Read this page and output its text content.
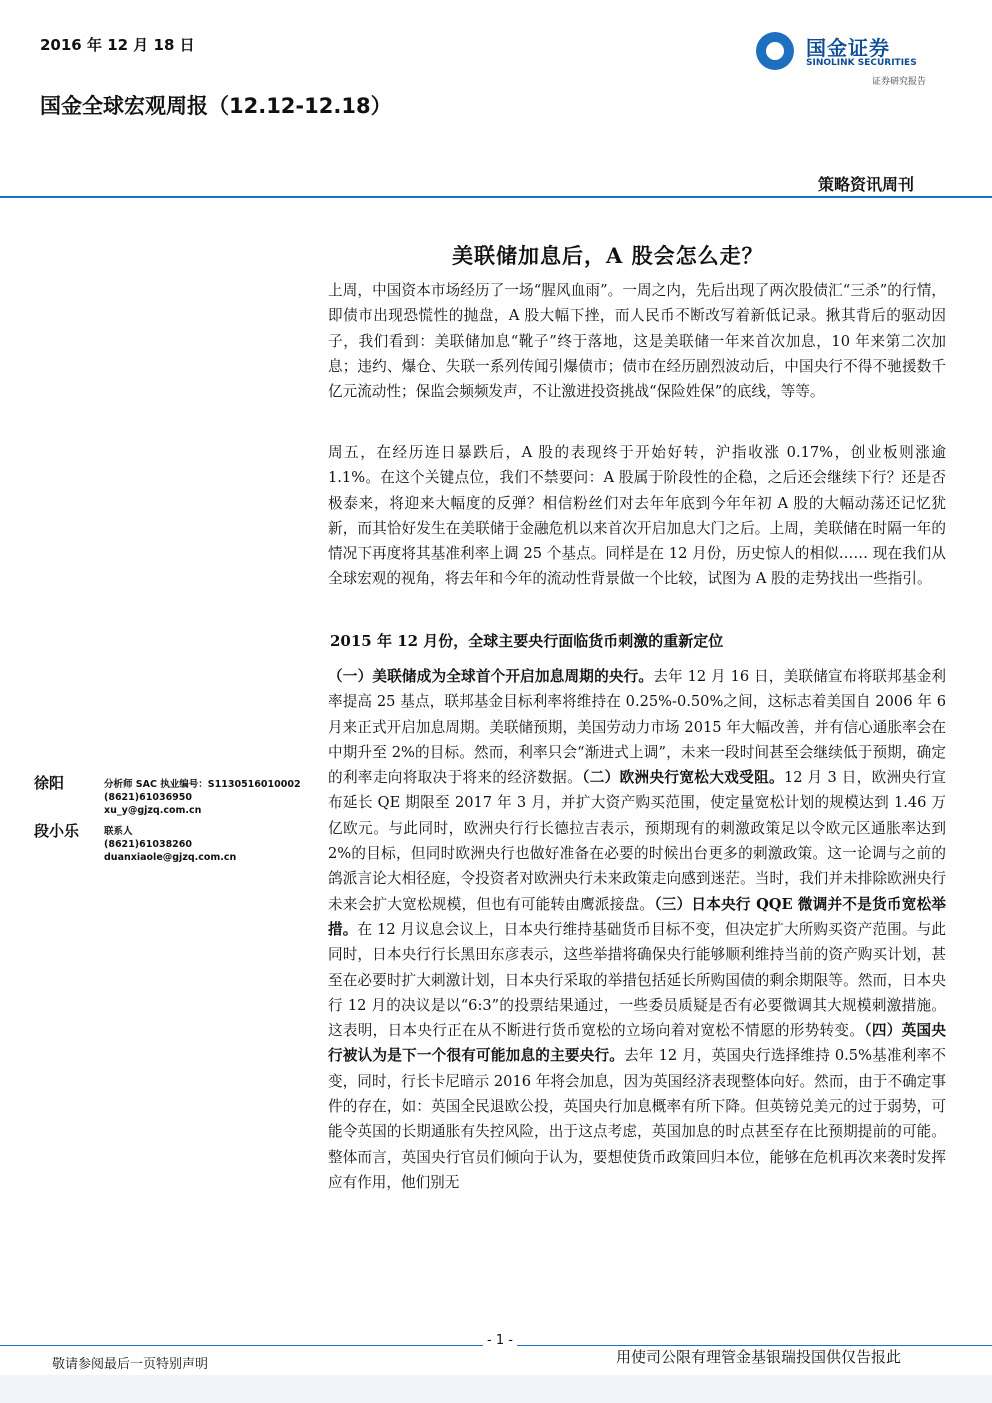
2016 年 12 月 18 日
国金全球宏观周报（12.12-12.18）
国金证券
SINOLINK SECURITIES
证券研究报告
策略资讯周刊
美联储加息后，A 股会怎么走？
上周，中国资本市场经历了一场“腥风血雨”。一周之内，先后出现了两次股债汇“三杀”的行情，即债市出现恐慌性的抛盘，A 股大幅下挫，而人民币不断改写着新低记录。揪其背后的驱动因子，我们看到：美联储加息“靴子”终于落地，这是美联储一年来首次加息，10 年来第二次加息；违约、爆仓、失联一系列传闻引爆债市；债市在经历剧烈波动后，中国央行不得不驰援数千亿元流动性；保监会频频发声，不让激进投资挑战“保险姓保”的底线，等等。
周五，在经历连日暴跌后，A 股的表现终于开始好转，沪指收涨 0.17%，创业板则涨逾 1.1%。在这个关键点位，我们不禁要问：A 股属于阶段性的企稳，之后还会继续下行？还是否极泰来，将迎来大幅度的反弹？相信粉丝们对去年年底到今年年初 A 股的大幅动荡还记忆犹新，而其恰好发生在美联储于金融危机以来首次开启加息大门之后。上周，美联储在时隔一年的情况下再度将其基准利率上调 25 个基点。同样是在 12 月份，历史惊人的相似…… 现在我们从全球宏观的视角，将去年和今年的流动性背景做一个比较，试图为 A 股的走势找出一些指引。
2015 年 12 月份，全球主要央行面临货币刺激的重新定位
（一）美联储成为全球首个开启加息周期的央行。去年 12 月 16 日，美联储宣布将联邦基金利率提高 25 基点，联邦基金目标利率将维持在 0.25%-0.50%之间，这标志着美国自 2006 年 6 月来正式开启加息周期。美联储预期，美国劳动力市场 2015 年大幅改善，并有信心通胀率会在中期升至 2%的目标。然而，利率只会“渐进式上调”，未来一段时间甚至会继续低于预期，确定的利率走向将取决于将来的经济数据。（二）欧洲央行宽松大戏受阻。12 月 3 日，欧洲央行宣布延长 QE 期限至 2017 年 3 月，并扩大资产购买范围，使定量宽松计划的规模达到 1.46 万亿欧元。与此同时，欧洲央行行长德拉吉表示，预期现有的刺激政策足以令欧元区通胀率达到 2%的目标，但同时欧洲央行也做好准备在必要的时候出台更多的刺激政策。这一论调与之前的鸽派言论大相径庭，令投资者对欧洲央行未来政策走向感到迷茫。当时，我们并未排除欧洲央行未来会扩大宽松规模，但也有可能转由鹰派接盘。（三）日本央行 QQE 微调并不是货币宽松举措。在 12 月议息会议上，日本央行维持基础货币目标不变，但决定扩大所购买资产范围。与此同时，日本央行行长黑田东彦表示，这些举措将确保央行能够顺利维持当前的资产购买计划，甚至在必要时扩大刺激计划，日本央行采取的举措包括延长所购国债的剩余期限等。然而，日本央行 12 月的决议是以“6:3”的投票结果通过，一些委员质疑是否有必要微调其大规模刺激措施。这表明，日本央行正在从不断进行货币宽松的立场向着对宽松不情愿的形势转变。（四）英国央行被认为是下一个很有可能加息的主要央行。去年 12 月，英国央行选择维持 0.5%基准利率不变，同时，行长卡尼暗示 2016 年将会加息，因为英国经济表现整体向好。然而，由于不确定事件的存在，如：英国全民退欧公投，英国央行加息概率有所下降。但英镑兑美元的过于弱势，可能令英国的长期通胀有失控风险，出于这点考虑，英国加息的时点甚至存在比预期提前的可能。整体而言，英国央行官员们倾向于认为，要想使货币政策回归本位，能够在危机再次来袭时发挥应有作用，他们别无
徐阳	分析师 SAC 执业编号：S1130516010002
(8621)61036950
xu_y@gjzq.com.cn
段小乐	联系人
(8621)61038260
duanxiaole@gjzq.com.cn
- 1 -
敬请参阅最后一页特别声明	用使司公限有理管金基银瑞投国供仅告报此
